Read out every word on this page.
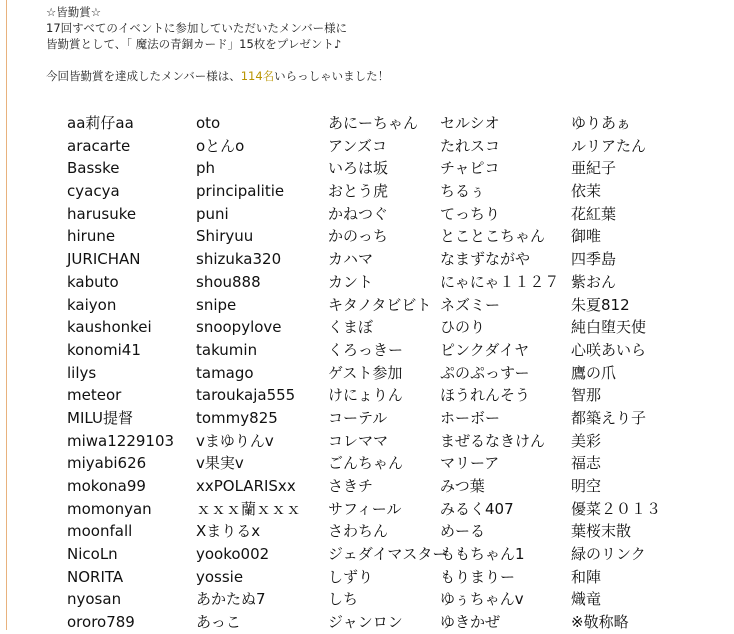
☆皆勤賞☆
17回すべてのイベントに参加していただいたメンバー様に
皆勤賞として、「 魔法の青銅カード」15枚をプレゼント♪
今回皆勤賞を達成したメンバー様は、114名いらっしゃいました！
aa莉仔aa
aracarte
Basske
cyacya
harusuke
hirune
JURICHAN
kabuto
kaiyon
kaushonkei
konomi41
lilys
meteor
MILU提督
miwa1229103
miyabi626
mokona99
momonyan
moonfall
NicoLn
NORITA
nyosan
ororo789
oto
oとんo
ph
principalitie
puni
Shiryuu
shizuka320
shou888
snipe
snoopylove
takumin
tamago
taroukaja555
tommy825
vまゆりんv
v果実v
xxPOLARISxx
ｘｘｘ蘭ｘｘｘ
Xまりるx
yooko002
yossie
あかたぬ7
あっこ
あにーちゃん
アンズコ
いろは坂
おとう虎
かねつぐ
かのっち
カハマ
カント
キタノタビビト
くまぼ
くろっきー
ゲスト参加
けにょりん
コーテル
コレママ
ごんちゃん
さきチ
サフィール
さわちん
ジェダイマスター
しずり
しち
ジャンロン
セルシオ
たれスコ
チャピコ
ちるぅ
てっちり
とことこちゃん
なまずながや
にゃにゃ１１２７
ネズミー
ひのり
ピンクダイヤ
ぷのぷっすー
ほうれんそう
ホーボー
まぜるなきけん
マリーア
みつ葉
みるく407
めーる
ももちゃん1
もりまりー
ゆぅちゃんv
ゆきかぜ
ゆりあぁ
ルリアたん
亜紀子
依茉
花紅葉
御唯
四季島
紫おん
朱夏812
純白堕天使
心咲あいら
鷹の爪
智那
都築えり子
美彩
福志
明空
優菜２０１３
葉桜末散
緑のリンク
和陣
熾竜
※敬称略
